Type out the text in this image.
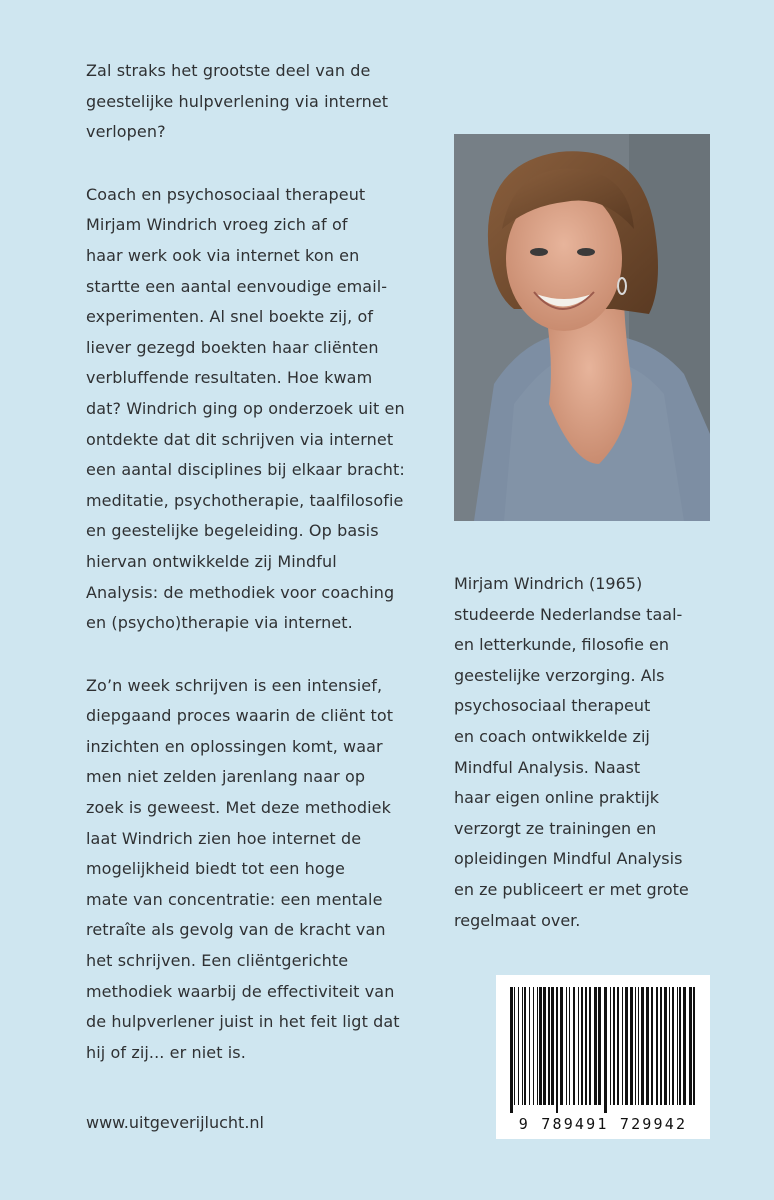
Zal straks het grootste deel van de
geestelijke hulpverlening via internet
verlopen?

Coach en psychosociaal therapeut
Mirjam Windrich vroeg zich af of
haar werk ook via internet kon en
startte een aantal eenvoudige email-
experimenten. Al snel boekte zij, of
liever gezegd boekten haar cliënten
verbluffende resultaten. Hoe kwam
dat? Windrich ging op onderzoek uit en
ontdekte dat dit schrijven via internet
een aantal disciplines bij elkaar bracht:
meditatie, psychotherapie, taalfilosofie
en geestelijke begeleiding. Op basis
hiervan ontwikkelde zij Mindful
Analysis: de methodiek voor coaching
en (psycho)therapie via internet.

Zo’n week schrijven is een intensief,
diepgaand proces waarin de cliënt tot
inzichten en oplossingen komt, waar
men niet zelden jarenlang naar op
zoek is geweest. Met deze methodiek
laat Windrich zien hoe internet de
mogelijkheid biedt tot een hoge
mate van concentratie: een mentale
retraîte als gevolg van de kracht van
het schrijven. Een cliëntgerichte
methodiek waarbij de effectiviteit van
de hulpverlener juist in het feit ligt dat
hij of zij... er niet is.

Mirjam Windrich (1965)
studeerde Nederlandse taal-
en letterkunde, filosofie en
geestelijke verzorging. Als
psychosociaal therapeut
en coach ontwikkelde zij
Mindful Analysis. Naast
haar eigen online praktijk
verzorgt ze trainingen en
opleidingen Mindful Analysis
en ze publiceert er met grote
regelmaat over.
www.uitgeverijlucht.nl	9 789491 729942
